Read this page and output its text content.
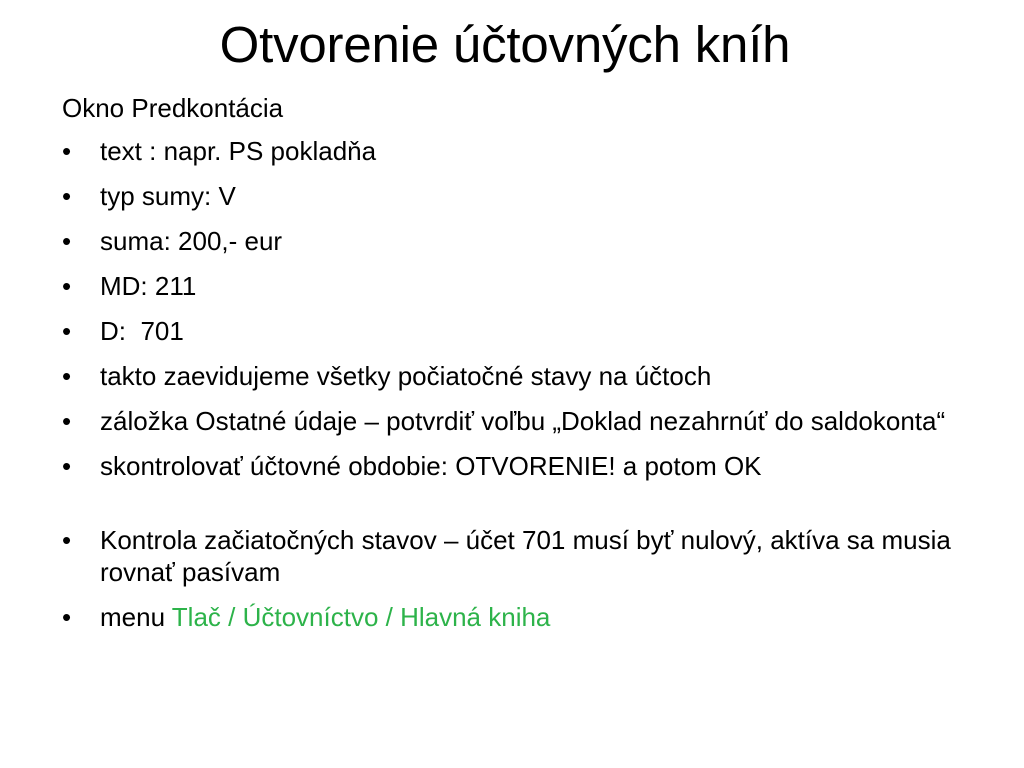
Otvorenie účtovných kníh
Okno Predkontácia
•	text : napr. PS pokladňa
•	typ sumy: V
•	suma: 200,- eur
•	MD: 211
•	D:  701
•	takto zaevidujeme všetky počiatočné stavy na účtoch
•	záložka Ostatné údaje – potvrdiť voľbu „Doklad nezahrnúť do saldokonta“
•	skontrolovať účtovné obdobie: OTVORENIE! a potom OK
•	Kontrola začiatočných stavov – účet 701 musí byť nulový, aktíva sa musia rovnať pasívam
•	menu Tlač / Účtovníctvo / Hlavná kniha
